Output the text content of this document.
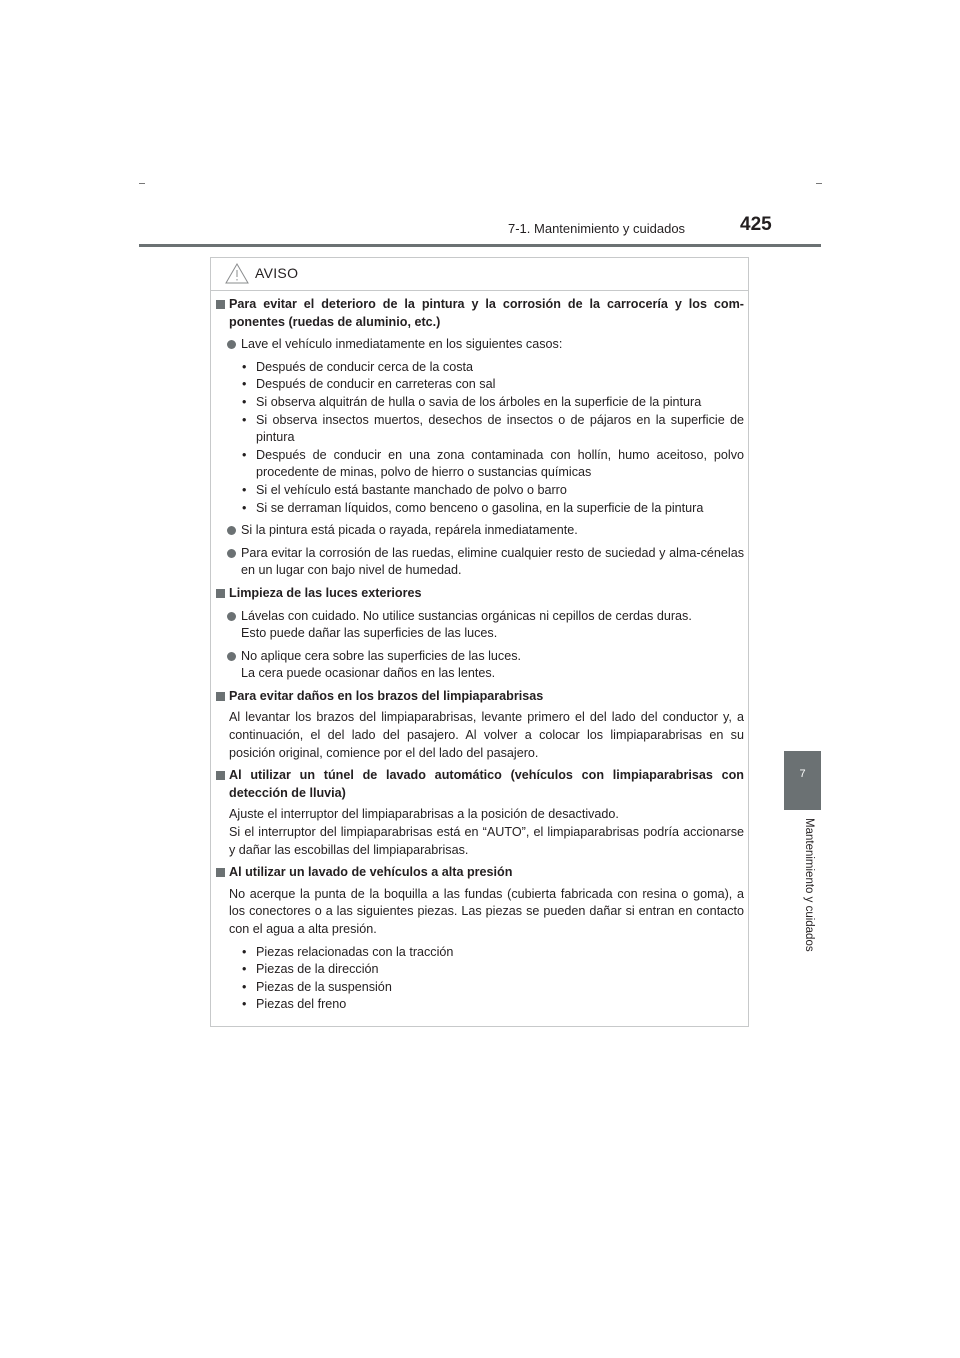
7-1. Mantenimiento y cuidados	425
7
Mantenimiento y cuidados
AVISO
Para evitar el deterioro de la pintura y la corrosión de la carrocería y los com-ponentes (ruedas de aluminio, etc.)
Lave el vehículo inmediatamente en los siguientes casos:
• Después de conducir cerca de la costa
• Después de conducir en carreteras con sal
• Si observa alquitrán de hulla o savia de los árboles en la superficie de la pintura
• Si observa insectos muertos, desechos de insectos o de pájaros en la superficie de pintura
• Después de conducir en una zona contaminada con hollín, humo aceitoso, polvo procedente de minas, polvo de hierro o sustancias químicas
• Si el vehículo está bastante manchado de polvo o barro
• Si se derraman líquidos, como benceno o gasolina, en la superficie de la pintura
Si la pintura está picada o rayada, repárela inmediatamente.
Para evitar la corrosión de las ruedas, elimine cualquier resto de suciedad y alma-cénelas en un lugar con bajo nivel de humedad.
Limpieza de las luces exteriores
Lávelas con cuidado. No utilice sustancias orgánicas ni cepillos de cerdas duras.
Esto puede dañar las superficies de las luces.
No aplique cera sobre las superficies de las luces.
La cera puede ocasionar daños en las lentes.
Para evitar daños en los brazos del limpiaparabrisas
Al levantar los brazos del limpiaparabrisas, levante primero el del lado del conductor y, a continuación, el del lado del pasajero. Al volver a colocar los limpiaparabrisas en su posición original, comience por el del lado del pasajero.
Al utilizar un túnel de lavado automático (vehículos con limpiaparabrisas con detección de lluvia)
Ajuste el interruptor del limpiaparabrisas a la posición de desactivado.
Si el interruptor del limpiaparabrisas está en “AUTO”, el limpiaparabrisas podría accionarse y dañar las escobillas del limpiaparabrisas.
Al utilizar un lavado de vehículos a alta presión
No acerque la punta de la boquilla a las fundas (cubierta fabricada con resina o goma), a los conectores o a las siguientes piezas. Las piezas se pueden dañar si entran en contacto con el agua a alta presión.
• Piezas relacionadas con la tracción
• Piezas de la dirección
• Piezas de la suspensión
• Piezas del freno
